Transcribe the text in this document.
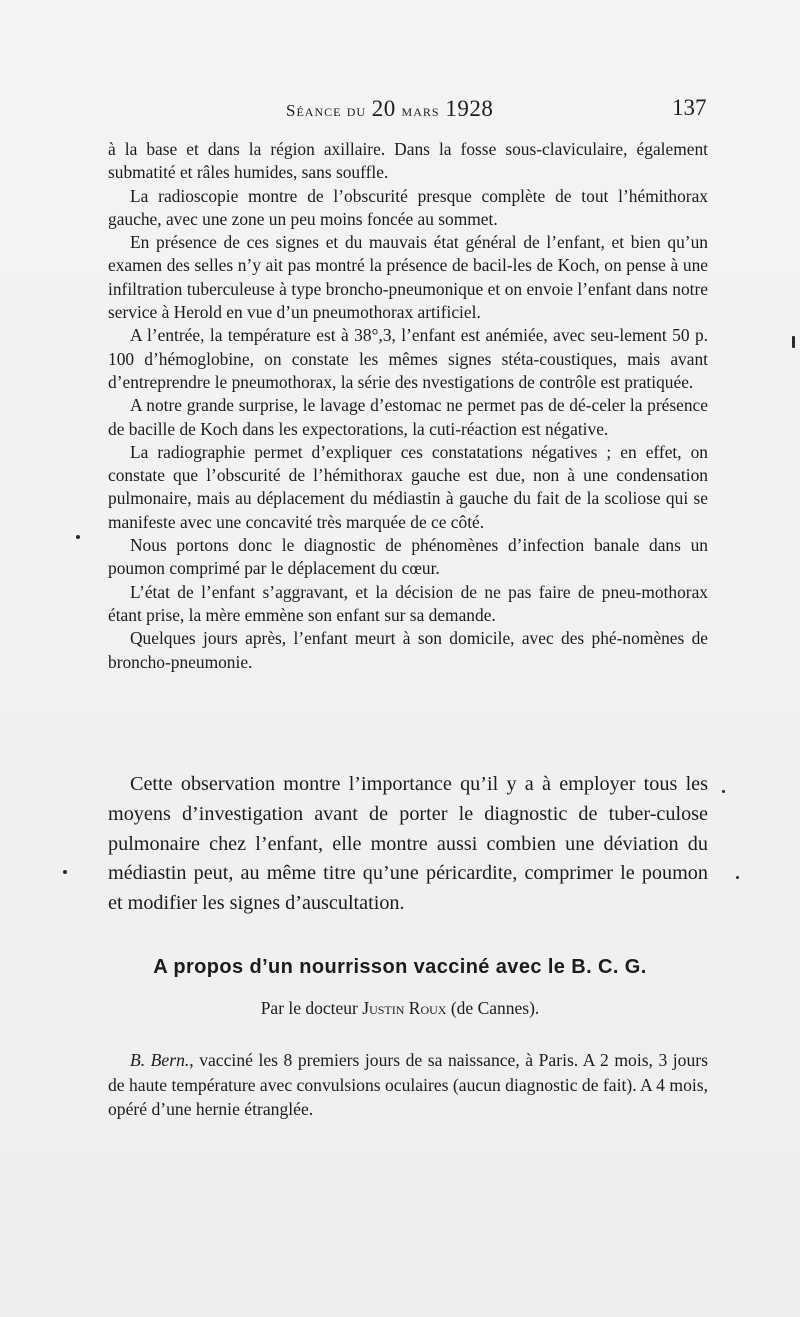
Séance du 20 mars 1928	137

à la base et dans la région axillaire. Dans la fosse sous-claviculaire, également submatité et râles humides, sans souffle.

La radioscopie montre de l’obscurité presque complète de tout l’hémithorax gauche, avec une zone un peu moins foncée au sommet.

En présence de ces signes et du mauvais état général de l’enfant, et bien qu’un examen des selles n’y ait pas montré la présence de bacil-les de Koch, on pense à une infiltration tuberculeuse à type broncho-pneumonique et on envoie l’enfant dans notre service à Herold en vue d’un pneumothorax artificiel.

A l’entrée, la température est à 38°,3, l’enfant est anémiée, avec seu-lement 50 p. 100 d’hémoglobine, on constate les mêmes signes stéta-coustiques, mais avant d’entreprendre le pneumothorax, la série des nvestigations de contrôle est pratiquée.

A notre grande surprise, le lavage d’estomac ne permet pas de dé-celer la présence de bacille de Koch dans les expectorations, la cuti-réaction est négative.

La radiographie permet d’expliquer ces constatations négatives ; en effet, on constate que l’obscurité de l’hémithorax gauche est due, non à une condensation pulmonaire, mais au déplacement du médiastin à gauche du fait de la scoliose qui se manifeste avec une concavité très marquée de ce côté.

Nous portons donc le diagnostic de phénomènes d’infection banale dans un poumon comprimé par le déplacement du cœur.

L’état de l’enfant s’aggravant, et la décision de ne pas faire de pneu-mothorax étant prise, la mère emmène son enfant sur sa demande.

Quelques jours après, l’enfant meurt à son domicile, avec des phé-nomènes de broncho-pneumonie.

Cette observation montre l’importance qu’il y a à employer tous les moyens d’investigation avant de porter le diagnostic de tuber-culose pulmonaire chez l’enfant, elle montre aussi combien une déviation du médiastin peut, au même titre qu’une péricardite, comprimer le poumon et modifier les signes d’auscultation.

A propos d’un nourrisson vacciné avec le B. C. G.

Par le docteur Justin Roux (de Cannes).

B. Bern., vacciné les 8 premiers jours de sa naissance, à Paris. A 2 mois, 3 jours de haute température avec convulsions oculaires (aucun diagnostic de fait). A 4 mois, opéré d’une hernie étranglée.
